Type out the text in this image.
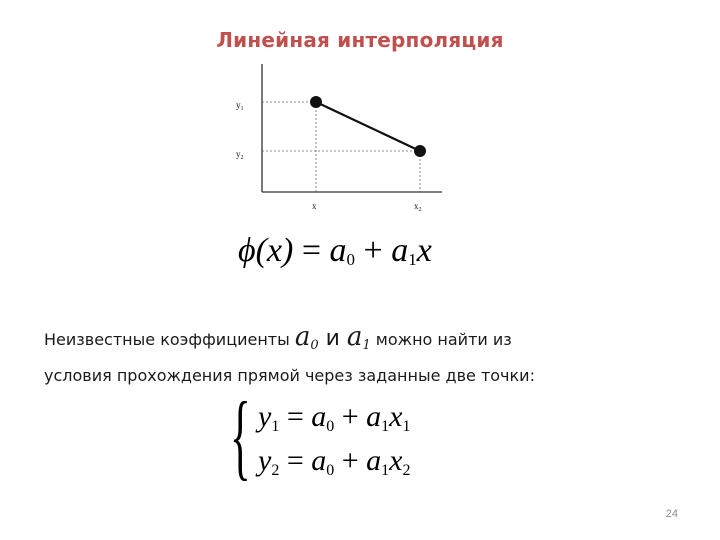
Линейная интерполяция
$y_1$
$y_2$
x	$x_2$
$\phi(x) = a_0 + a_1x$
Неизвестные коэффициенты $a_0$ и $a_1$ можно найти из
условия прохождения прямой через заданные две точки:
{ $y_1 = a_0 + a_1x_1$
$y_2 = a_0 + a_1x_2$
24
